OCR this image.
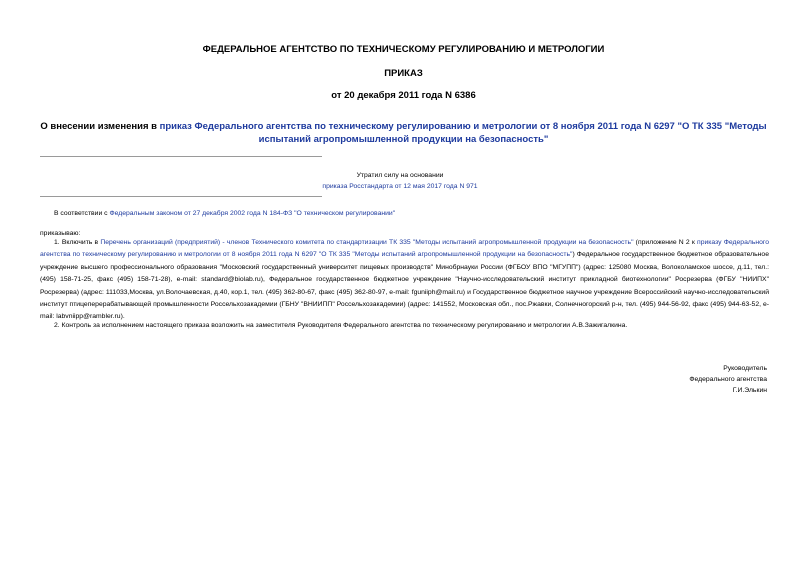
ФЕДЕРАЛЬНОЕ АГЕНТСТВО ПО ТЕХНИЧЕСКОМУ РЕГУЛИРОВАНИЮ И МЕТРОЛОГИИ
ПРИКАЗ
от 20 декабря 2011 года N 6386
О внесении изменения в приказ Федерального агентства по техническому регулированию и метрологии от 8 ноября 2011 года N 6297 "О ТК 335 "Методы испытаний агропромышленной продукции на безопасность"
Утратил силу на основании
приказа Росстандарта от 12 мая 2017 года N 971
В соответствии с Федеральным законом от 27 декабря 2002 года N 184-ФЗ "О техническом регулировании"
приказываю:
1. Включить в Перечень организаций (предприятий) - членов Технического комитета по стандартизации ТК 335 "Методы испытаний агропромышленной продукции на безопасность" (приложение N 2 к приказу Федерального агентства по техническому регулированию и метрологии от 8 ноября 2011 года N 6297 "О ТК 335 "Методы испытаний агропромышленной продукции на безопасность") Федеральное государственное бюджетное образовательное учреждение высшего профессионального образования "Московский государственный университет пищевых производств" Минобрнауки России (ФГБОУ ВПО "МГУПП") (адрес: 125080 Москва, Волоколамское шоссе, д.11, тел.: (495) 158-71-25, факс (495) 158-71-28), e-mail: standard@biolab.ru), Федеральное государственное бюджетное учреждение "Научно-исследовательский институт прикладной биотехнологии" Росрезерва (ФГБУ "НИИПХ" Росрезерва) (адрес: 111033,Москва, ул.Волочаевская, д.40, кор.1, тел. (495) 362-80-67, факс (495) 362-80-97, e-mail: fguniiph@mail.ru) и Государственное бюджетное научное учреждение Всероссийский научно-исследовательский институт птицеперерабатывающей промышленности Россельхозакадемии (ГБНУ "ВНИИПП" Россельхозакадемии) (адрес: 141552, Московская обл., пос.Ржавки, Солнечногорский р-н, тел. (495) 944-56-92, факс (495) 944-63-52, e-mail: labvniipp@rambler.ru).
2. Контроль за исполнением настоящего приказа возложить на заместителя Руководителя Федерального агентства по техническому регулированию и метрологии А.В.Зажигалкина.
Руководитель
Федерального агентства
Г.И.Элькин
